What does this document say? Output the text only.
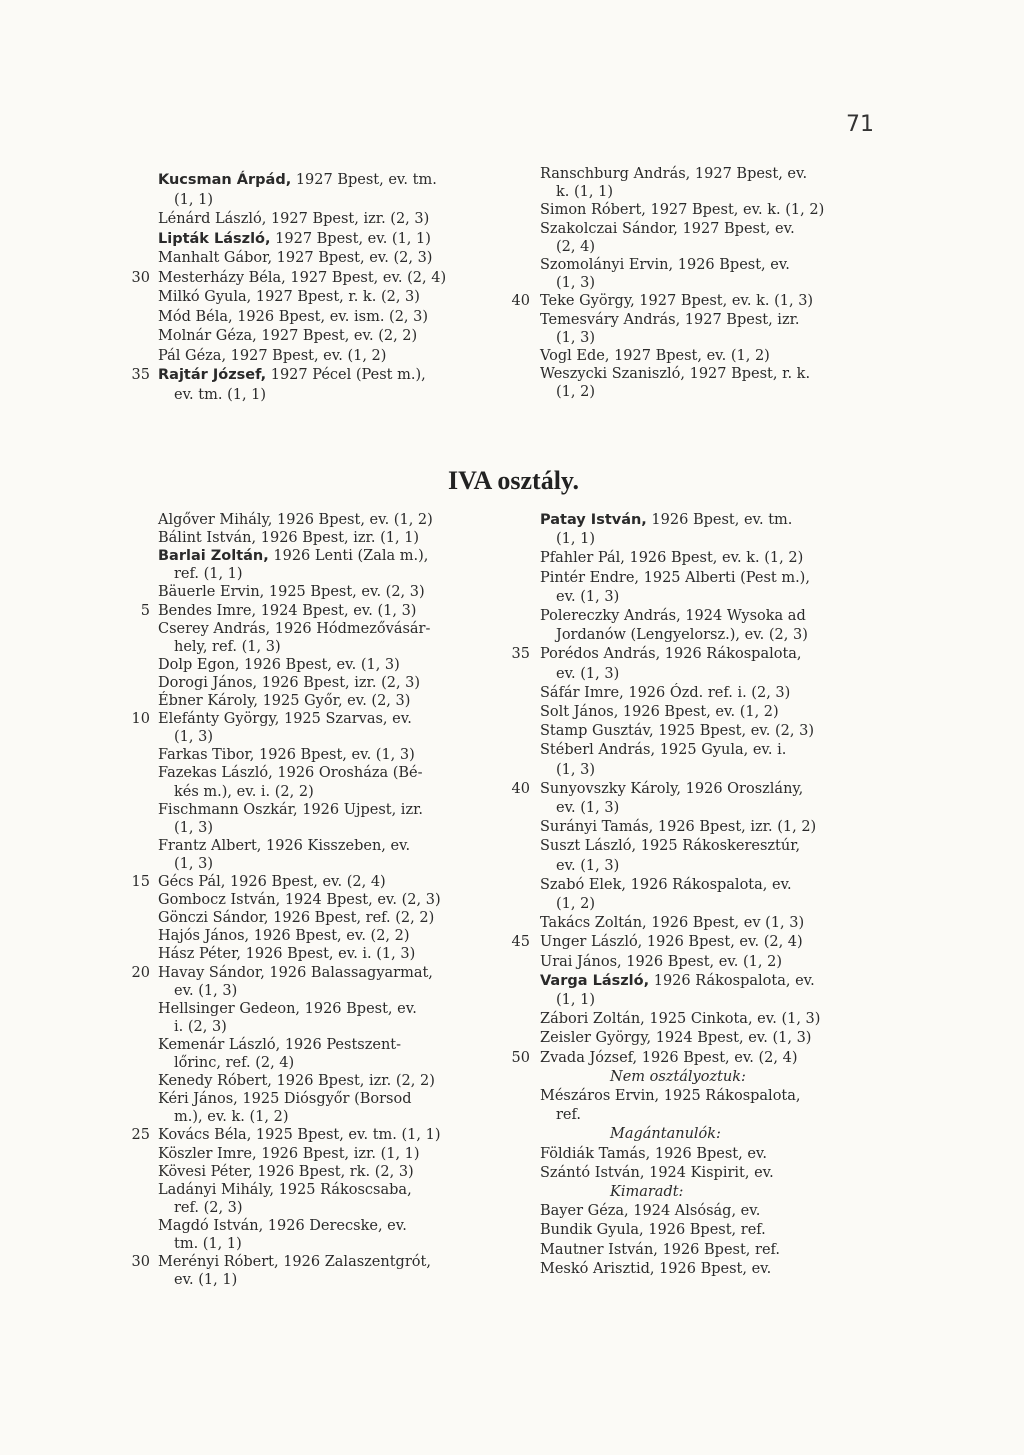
71
IVA osztály.
Kucsman Árpád, 1927 Bpest, ev. tm.
(1, 1)
Lénárd László, 1927 Bpest, izr. (2, 3)
Lipták László, 1927 Bpest, ev. (1, 1)
Manhalt Gábor, 1927 Bpest, ev. (2, 3)
30 Mesterházy Béla, 1927 Bpest, ev. (2, 4)
Milkó Gyula, 1927 Bpest, r. k. (2, 3)
Mód Béla, 1926 Bpest, ev. ism. (2, 3)
Molnár Géza, 1927 Bpest, ev. (2, 2)
Pál Géza, 1927 Bpest, ev. (1, 2)
35 Rajtár József, 1927 Pécel (Pest m.),
ev. tm. (1, 1)
Ranschburg András, 1927 Bpest, ev.
k. (1, 1)
Simon Róbert, 1927 Bpest, ev. k. (1, 2)
Szakolczai Sándor, 1927 Bpest, ev.
(2, 4)
Szomolányi Ervin, 1926 Bpest, ev.
(1, 3)
40 Teke György, 1927 Bpest, ev. k. (1, 3)
Temesváry András, 1927 Bpest, izr.
(1, 3)
Vogl Ede, 1927 Bpest, ev. (1, 2)
Weszycki Szaniszló, 1927 Bpest, r. k.
(1, 2)
Algőver Mihály, 1926 Bpest, ev. (1, 2)
Bálint István, 1926 Bpest, izr. (1, 1)
Barlai Zoltán, 1926 Lenti (Zala m.),
ref. (1, 1)
Bäuerle Ervin, 1925 Bpest, ev. (2, 3)
5 Bendes Imre, 1924 Bpest, ev. (1, 3)
Cserey András, 1926 Hódmezővásár-
hely, ref. (1, 3)
Dolp Egon, 1926 Bpest, ev. (1, 3)
Dorogi János, 1926 Bpest, izr. (2, 3)
Ébner Károly, 1925 Győr, ev. (2, 3)
10 Elefánty György, 1925 Szarvas, ev.
(1, 3)
Farkas Tibor, 1926 Bpest, ev. (1, 3)
Fazekas László, 1926 Orosháza (Bé-
kés m.), ev. i. (2, 2)
Fischmann Oszkár, 1926 Ujpest, izr.
(1, 3)
Frantz Albert, 1926 Kisszeben, ev.
(1, 3)
15 Gécs Pál, 1926 Bpest, ev. (2, 4)
Gombocz István, 1924 Bpest, ev. (2, 3)
Gönczi Sándor, 1926 Bpest, ref. (2, 2)
Hajós János, 1926 Bpest, ev. (2, 2)
Hász Péter, 1926 Bpest, ev. i. (1, 3)
20 Havay Sándor, 1926 Balassagyarmat,
ev. (1, 3)
Hellsinger Gedeon, 1926 Bpest, ev.
i. (2, 3)
Kemenár László, 1926 Pestszent-
lőrinc, ref. (2, 4)
Kenedy Róbert, 1926 Bpest, izr. (2, 2)
Kéri János, 1925 Diósgyőr (Borsod
m.), ev. k. (1, 2)
25 Kovács Béla, 1925 Bpest, ev. tm. (1, 1)
Köszler Imre, 1926 Bpest, izr. (1, 1)
Kövesi Péter, 1926 Bpest, rk. (2, 3)
Ladányi Mihály, 1925 Rákoscsaba,
ref. (2, 3)
Magdó István, 1926 Derecske, ev.
tm. (1, 1)
30 Merényi Róbert, 1926 Zalaszentgrót,
ev. (1, 1)
Patay István, 1926 Bpest, ev. tm.
(1, 1)
Pfahler Pál, 1926 Bpest, ev. k. (1, 2)
Pintér Endre, 1925 Alberti (Pest m.),
ev. (1, 3)
Polereczky András, 1924 Wysoka ad
Jordanów (Lengyelorsz.), ev. (2, 3)
35 Porédos András, 1926 Rákospalota,
ev. (1, 3)
Sáfár Imre, 1926 Ózd. ref. i. (2, 3)
Solt János, 1926 Bpest, ev. (1, 2)
Stamp Gusztáv, 1925 Bpest, ev. (2, 3)
Stéberl András, 1925 Gyula, ev. i.
(1, 3)
40 Sunyovszky Károly, 1926 Oroszlány,
ev. (1, 3)
Surányi Tamás, 1926 Bpest, izr. (1, 2)
Suszt László, 1925 Rákoskeresztúr,
ev. (1, 3)
Szabó Elek, 1926 Rákospalota, ev.
(1, 2)
Takács Zoltán, 1926 Bpest, ev (1, 3)
45 Unger László, 1926 Bpest, ev. (2, 4)
Urai János, 1926 Bpest, ev. (1, 2)
Varga László, 1926 Rákospalota, ev.
(1, 1)
Zábori Zoltán, 1925 Cinkota, ev. (1, 3)
Zeisler György, 1924 Bpest, ev. (1, 3)
50 Zvada József, 1926 Bpest, ev. (2, 4)
Nem osztályoztuk:
Mészáros Ervin, 1925 Rákospalota,
ref.
Magántanulók:
Földiák Tamás, 1926 Bpest, ev.
Szántó István, 1924 Kispirit, ev.
Kimaradt:
Bayer Géza, 1924 Alsóság, ev.
Bundik Gyula, 1926 Bpest, ref.
Mautner István, 1926 Bpest, ref.
Meskó Arisztid, 1926 Bpest, ev.
